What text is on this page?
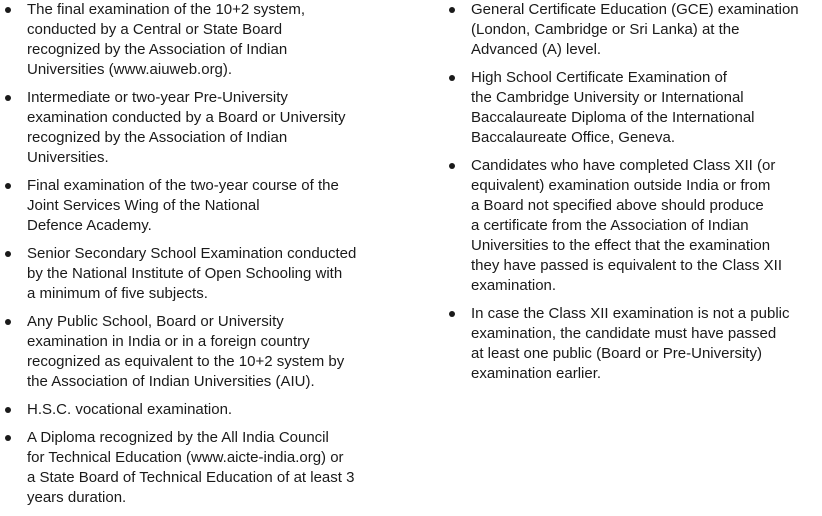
The final examination of the 10+2 system,
conducted by a Central or State Board
recognized by the Association of Indian
Universities (www.aiuweb.org).
Intermediate or two-year Pre-University
examination conducted by a Board or University
recognized by the Association of Indian
Universities.
Final examination of the two-year course of the
Joint Services Wing of the National
Defence Academy.
Senior Secondary School Examination conducted
by the National Institute of Open Schooling with
a minimum of five subjects.
Any Public School, Board or University
examination in India or in a foreign country
recognized as equivalent to the 10+2 system by
the Association of Indian Universities (AIU).
H.S.C. vocational examination.
A Diploma recognized by the All India Council
for Technical Education (www.aicte-india.org) or
a State Board of Technical Education of at least 3
years duration.
General Certificate Education (GCE) examination
(London, Cambridge or Sri Lanka) at the
Advanced (A) level.
High School Certificate Examination of
the Cambridge University or International
Baccalaureate Diploma of the International
Baccalaureate Office, Geneva.
Candidates who have completed Class XII (or
equivalent) examination outside India or from
a Board not specified above should produce
a certificate from the Association of Indian
Universities to the effect that the examination
they have passed is equivalent to the Class XII
examination.
In case the Class XII examination is not a public
examination, the candidate must have passed
at least one public (Board or Pre-University)
examination earlier.
